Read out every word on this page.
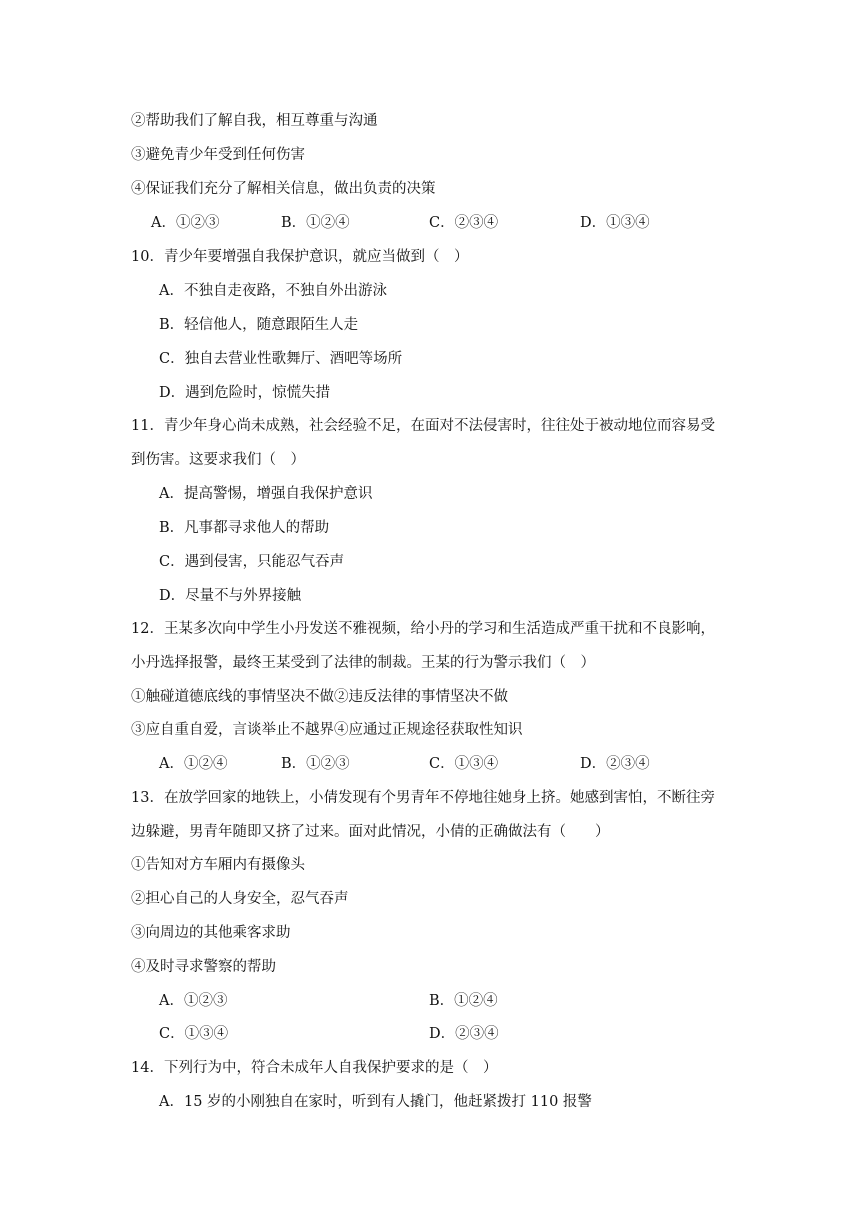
②帮助我们了解自我，相互尊重与沟通
③避免青少年受到任何伤害
④保证我们充分了解相关信息，做出负责的决策
A．①②③	B．①②④	C．②③④	D．①③④
10．青少年要增强自我保护意识，就应当做到（　）
A．不独自走夜路，不独自外出游泳
B．轻信他人，随意跟陌生人走
C．独自去营业性歌舞厅、酒吧等场所
D．遇到危险时，惊慌失措
11．青少年身心尚未成熟，社会经验不足，在面对不法侵害时，往往处于被动地位而容易受
到伤害。这要求我们（　）
A．提高警惕，增强自我保护意识
B．凡事都寻求他人的帮助
C．遇到侵害，只能忍气吞声
D．尽量不与外界接触
12．王某多次向中学生小丹发送不雅视频，给小丹的学习和生活造成严重干扰和不良影响，
小丹选择报警，最终王某受到了法律的制裁。王某的行为警示我们（　）
①触碰道德底线的事情坚决不做②违反法律的事情坚决不做
③应自重自爱，言谈举止不越界④应通过正规途径获取性知识
A．①②④	B．①②③	C．①③④	D．②③④
13．在放学回家的地铁上，小倩发现有个男青年不停地往她身上挤。她感到害怕，不断往旁
边躲避，男青年随即又挤了过来。面对此情况，小倩的正确做法有（　　）
①告知对方车厢内有摄像头
②担心自己的人身安全，忍气吞声
③向周边的其他乘客求助
④及时寻求警察的帮助
A．①②③	B．①②④
C．①③④	D．②③④
14．下列行为中，符合未成年人自我保护要求的是（　）
A．15 岁的小刚独自在家时，听到有人撬门，他赶紧拨打 110 报警
